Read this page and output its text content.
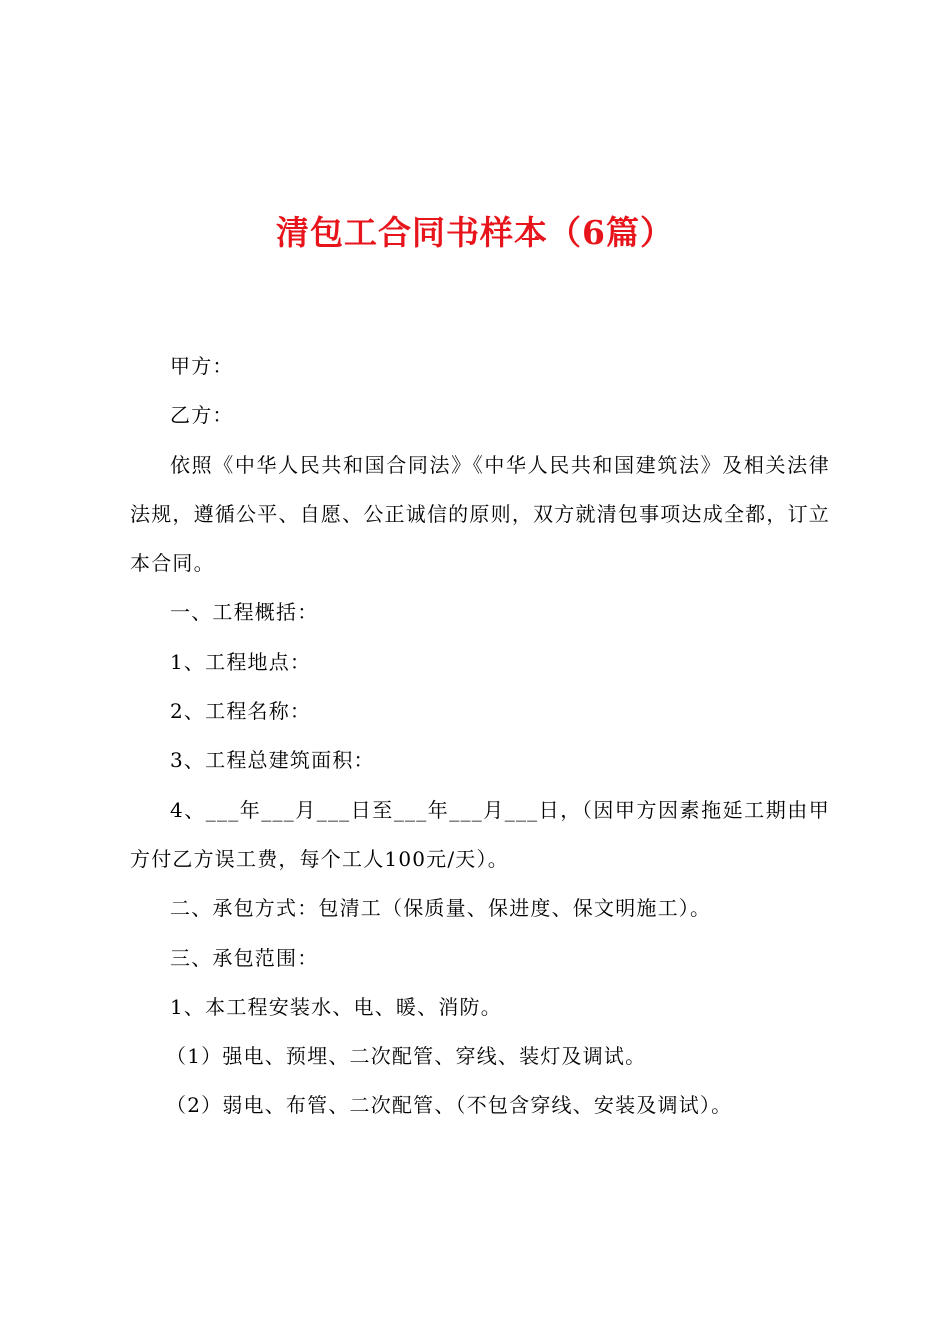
清包工合同书样本（6篇）

甲方：

乙方：

依照《中华人民共和国合同法》《中华人民共和国建筑法》及相关法律法规，遵循公平、自愿、公正诚信的原则，双方就清包事项达成全都，订立本合同。

一、工程概括：

1、工程地点：

2、工程名称：

3、工程总建筑面积：

4、___年___月___日至___年___月___日，（因甲方因素拖延工期由甲方付乙方误工费，每个工人100元/天）。

二、承包方式：包清工（保质量、保进度、保文明施工）。

三、承包范围：

1、本工程安装水、电、暖、消防。

（1）强电、预埋、二次配管、穿线、装灯及调试。

（2）弱电、布管、二次配管、（不包含穿线、安装及调试）。
